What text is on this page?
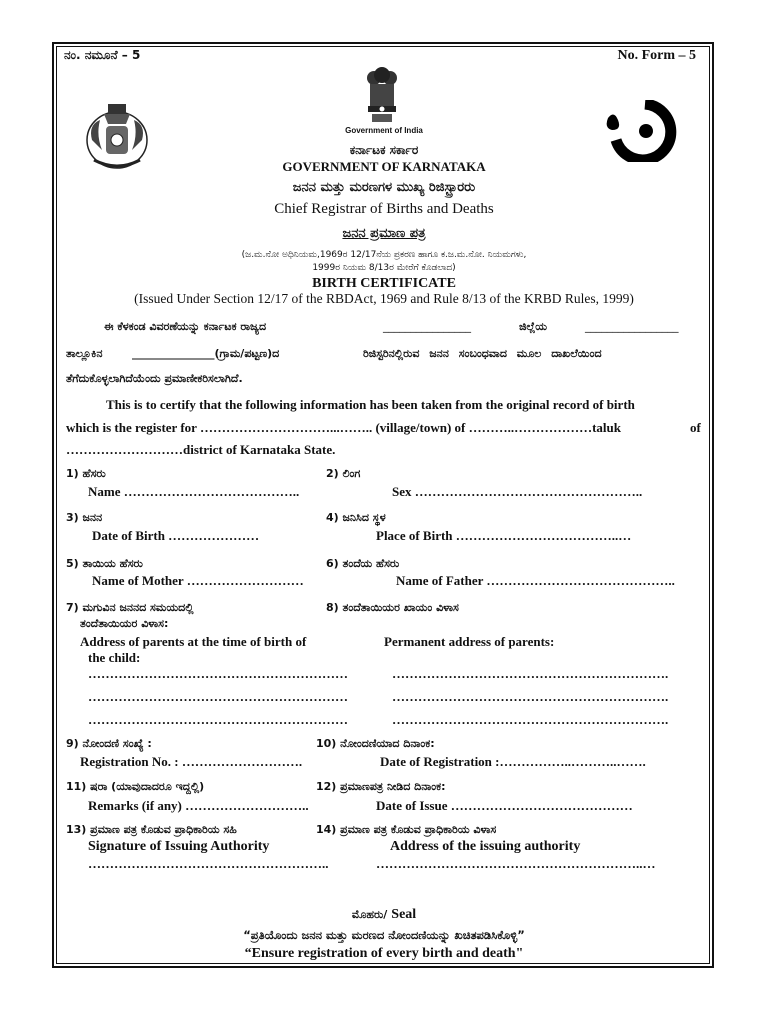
ನಂ. ನಮೂನೆ – 5	No. Form – 5
Government of India
ಕರ್ನಾಟಕ ಸರ್ಕಾರ
GOVERNMENT OF KARNATAKA
ಜನನ ಮತ್ತು ಮರಣಗಳ ಮುಖ್ಯ ರಿಜಿಸ್ಟ್ರಾರರು
Chief Registrar of Births and Deaths
ಜನನ ಪ್ರಮಾಣ ಪತ್ರ
(ಜ.ಮ.ನೋ ಅಧಿನಿಯಮ,1969ರ 12/17ನೆಯ ಪ್ರಕರಣ ಹಾಗೂ ಕ.ಜ.ಮ.ನೋ. ನಿಯಮಗಳು,
1999ರ ನಿಯಮ 8/13ರ ಮೇರೆಗೆ ಕೊಡಲಾದ)
BIRTH CERTIFICATE
(Issued Under Section 12/17 of the RBDAct, 1969 and Rule 8/13 of the KRBD Rules, 1999)
ಈ ಕೆಳಕಂಡ ವಿವರಣೆಯನ್ನು ಕರ್ನಾಟಕ ರಾಜ್ಯದ	________________	ಜಿಲ್ಲೆಯ	_________________
ತಾಲ್ಲೂಕಿನ	_______________(ಗ್ರಾಮ/ಪಟ್ಟಣ)ದ	ರಿಜಿಸ್ಟರಿನಲ್ಲಿರುವ ಜನನ ಸಂಬಂಧವಾದ ಮೂಲ ದಾಖಲೆಯಿಂದ
ತೆಗೆದುಕೊಳ್ಳಲಾಗಿದೆಯೆಂದು ಪ್ರಮಾಣೀಕರಿಸಲಾಗಿದೆ.
This is to certify that the following information has been taken from the original record of birth
which is the register for …………………………...…….. (village/town) of ………..………………taluk	of
………………………district of Karnataka State.
1) ಹೆಸರು
Name …………………………………..
2) ಲಿಂಗ
Sex ……………………………………………..
3) ಜನನ
Date of Birth …………………
4) ಜನಿಸಿದ ಸ್ಥಳ
Place of Birth ………………………………..…
5) ತಾಯಿಯ ಹೆಸರು
Name of Mother ………………………
6) ತಂದೆಯ ಹೆಸರು
Name of Father ……………………………………..
7) ಮಗುವಿನ ಜನನದ ಸಮಯದಲ್ಲಿ
ತಂದೆತಾಯಿಯರ ವಿಳಾಸ:
Address of parents at the time of birth of
the child:
8) ತಂದೆತಾಯಿಯರ ಖಾಯಂ ವಿಳಾಸ
Permanent address of parents:
……………………………………………………
……………………………………………………
……………………………………………………
……………………………………………………….
……………………………………………………….
……………………………………………………….
9) ನೋಂದಣಿ ಸಂಖ್ಯೆ :
Registration No. : ……………………….
10) ನೋಂದಣಿಯಾದ ದಿನಾಂಕ:
Date of Registration :……………..………..…….
11) ಷರಾ (ಯಾವುದಾದರೂ ಇದ್ದಲ್ಲಿ)
Remarks (if any) ………………………..
12) ಪ್ರಮಾಣಪತ್ರ ನೀಡಿದ ದಿನಾಂಕ:
Date of Issue ……………………………………
13) ಪ್ರಮಾಣ ಪತ್ರ ಕೊಡುವ ಪ್ರಾಧಿಕಾರಿಯ ಸಹಿ
Signature of Issuing Authority
………………………………………………..
14) ಪ್ರಮಾಣ ಪತ್ರ ಕೊಡುವ ಪ್ರಾಧಿಕಾರಿಯ ವಿಳಾಸ
Address of the issuing authority
……………………………………………………..…
ಮೊಹರು/ Seal
“ಪ್ರತಿಯೊಂದು ಜನನ ಮತ್ತು ಮರಣದ ನೋಂದಣಿಯನ್ನು ಖಚಿತಪಡಿಸಿಕೊಳ್ಳಿ”
“Ensure registration of every birth and death"
